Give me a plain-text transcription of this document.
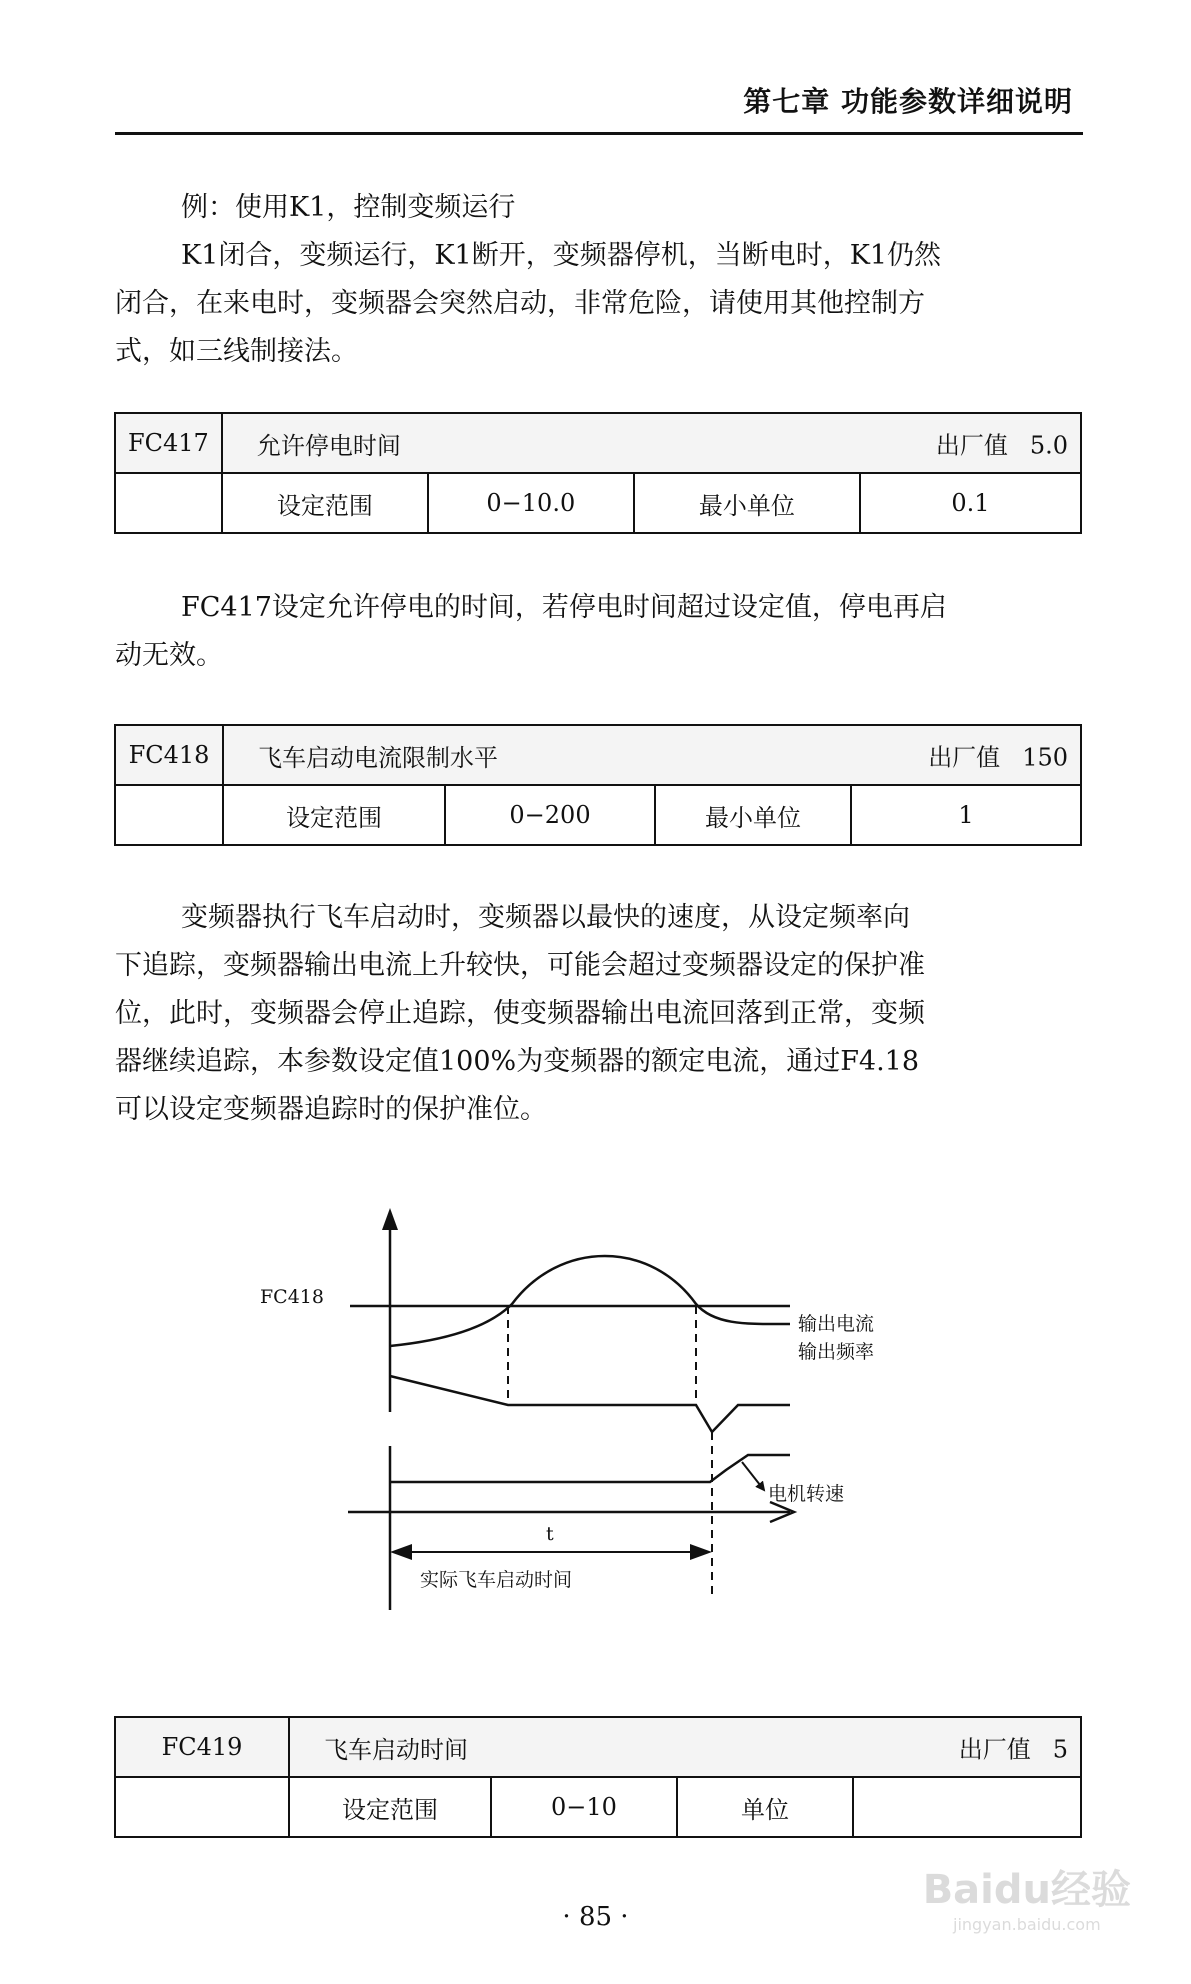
第七章 功能参数详细说明
例：使用K1，控制变频运行
K1闭合，变频运行，K1断开，变频器停机，当断电时，K1仍然
闭合，在来电时，变频器会突然启动，非常危险，请使用其他控制方
式，如三线制接法。
FC417	允许停电时间 出厂值 5.0			

	设定范围	0−10.0	最小单位	0.1
FC417设定允许停电的时间，若停电时间超过设定值，停电再启
动无效。
FC418	飞车启动电流限制水平 出厂值 150			

	设定范围	0−200	最小单位	1
变频器执行飞车启动时，变频器以最快的速度，从设定频率向
下追踪，变频器输出电流上升较快，可能会超过变频器设定的保护准
位，此时，变频器会停止追踪，使变频器输出电流回落到正常，变频
器继续追踪，本参数设定值100%为变频器的额定电流，通过F4.18
可以设定变频器追踪时的保护准位。
FC418
输出电流
输出频率
电机转速
t
实际飞车启动时间
FC419	飞车启动时间 出厂值 5			

	设定范围	0−10	单位	
· 85 ·
Baidu经验
jingyan.baidu.com
